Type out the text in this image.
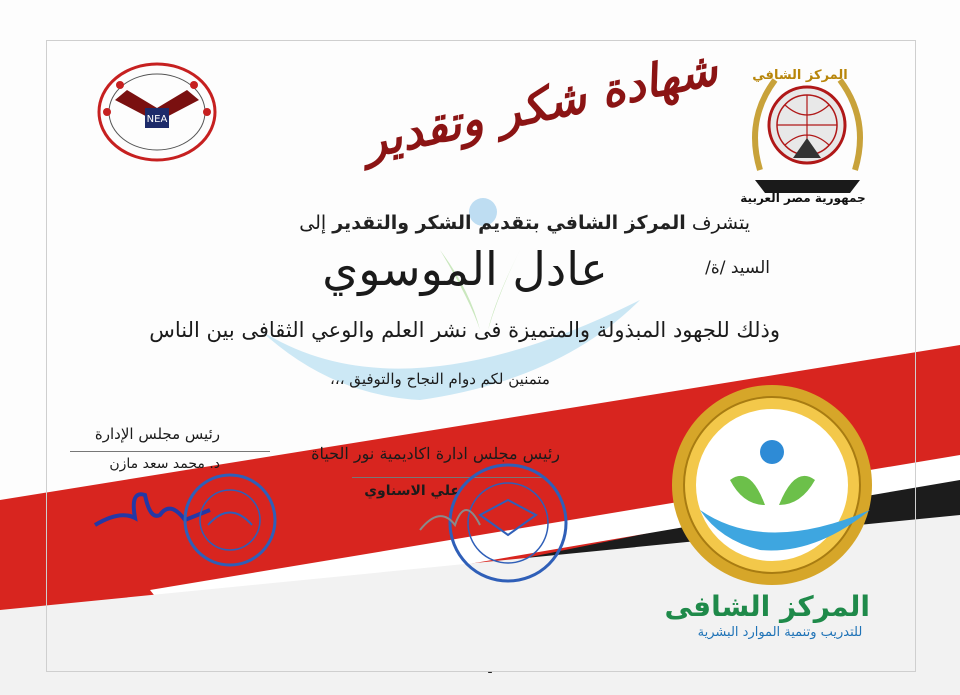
NEA
المركز الشافي
جمهورية مصر العربية
شهادة شكر وتقدير
يتشرف المركز الشافي بتقديم الشكر والتقدير إلى
السيد /ة/
عادل الموسوي
وذلك للجهود المبذولة والمتميزة فى نشر العلم والوعي الثقافى بين الناس
متمنين لكم دوام النجاح والتوفيق ،،،
رئيس مجلس الإدارة
د. محمد سعد مازن
رئيس مجلس ادارة اكاديمية نور الحياة
علي الاسناوي
المركز الشافى
للتدريب وتنمية الموارد البشرية
ـ
